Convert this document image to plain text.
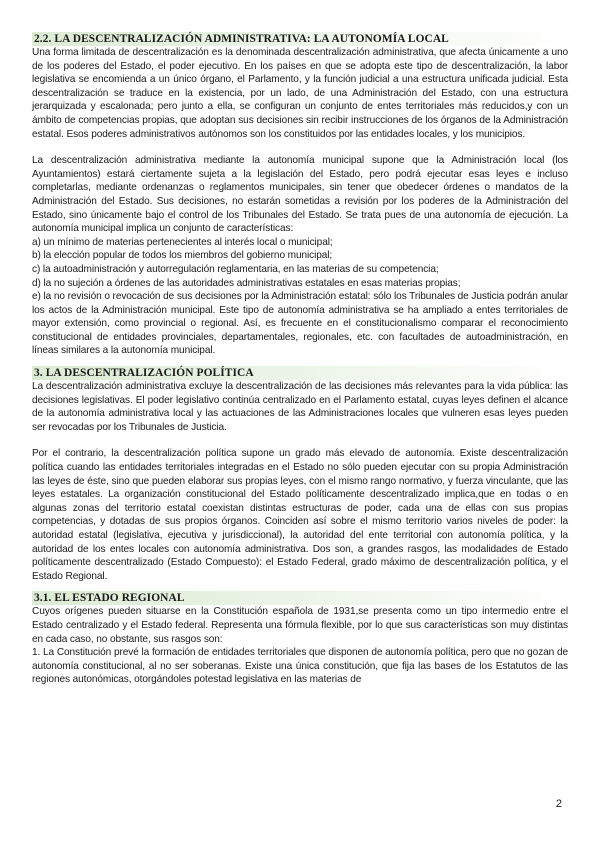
2.2. LA DESCENTRALIZACIÓN ADMINISTRATIVA: LA AUTONOMÍA LOCAL

Una forma limitada de descentralización es la denominada descentralización administrativa, que afecta únicamente a uno de los poderes del Estado, el poder ejecutivo. En los países en que se adopta este tipo de descentralización, la labor legislativa se encomienda a un único órgano, el Parlamento, y la función judicial a una estructura unificada judicial. Esta descentralización se traduce en la existencia, por un lado, de una Administración del Estado, con una estructura jerarquizada y escalonada; pero junto a ella, se configuran un conjunto de entes territoriales más reducidos,y con un ámbito de competencias propias, que adoptan sus decisiones sin recibir instrucciones de los órganos de la Administración estatal. Esos poderes administrativos autónomos son los constituidos por las entidades locales, y los municipios.

La descentralización administrativa mediante la autonomía municipal supone que la Administración local (los Ayuntamientos) estará ciertamente sujeta a la legislación del Estado, pero podrá ejecutar esas leyes e incluso completarlas, mediante ordenanzas o reglamentos municipales, sin tener que obedecer órdenes o mandatos de la Administración del Estado. Sus decisiones, no estarán sometidas a revisión por los poderes de la Administración del Estado, sino únicamente bajo el control de los Tribunales del Estado. Se trata pues de una autonomía de ejecución. La autonomía municipal implica un conjunto de características:

a) un mínimo de materias pertenecientes al interés local o municipal;

b) la elección popular de todos los miembros del gobierno municipal;

c) la autoadministración y autorregulación reglamentaria, en las materias de su competencia;

d) la no sujeción a órdenes de las autoridades administrativas estatales en esas materias propias;

e) la no revisión o revocación de sus decisiones por la Administración estatal: sólo los Tribunales de Justicia podrán anular los actos de la Administración municipal. Este tipo de autonomía administrativa se ha ampliado a entes territoriales de mayor extensión, como provincial o regional. Así, es frecuente en el constitucionalismo comparar el reconocimiento constitucional de entidades provinciales, departamentales, regionales, etc. con facultades de autoadministración, en líneas similares a la autonomía municipal.

3. LA DESCENTRALIZACIÓN POLÍTICA

La descentralización administrativa excluye la descentralización de las decisiones más relevantes para la vida pública: las decisiones legislativas. El poder legislativo continúa centralizado en el Parlamento estatal, cuyas leyes definen el alcance de la autonomía administrativa local y las actuaciones de las Administraciones locales que vulneren esas leyes pueden ser revocadas por los Tribunales de Justicia.

Por el contrario, la descentralización política supone un grado más elevado de autonomía. Existe descentralización política cuando las entidades territoriales integradas en el Estado no sólo pueden ejecutar con su propia Administración las leyes de éste, sino que pueden elaborar sus propias leyes, con el mismo rango normativo, y fuerza vinculante, que las leyes estatales. La organización constitucional del Estado políticamente descentralizado implica,que en todas o en algunas zonas del territorio estatal coexistan distintas estructuras de poder, cada una de ellas con sus propias competencias, y dotadas de sus propios órganos. Coinciden así sobre el mismo territorio varios niveles de poder: la autoridad estatal (legislativa, ejecutiva y jurisdiccional), la autoridad del ente territorial con autonomía política, y la autoridad de los entes locales con autonomía administrativa. Dos son, a grandes rasgos, las modalidades de Estado políticamente descentralizado (Estado Compuesto): el Estado Federal, grado máximo de descentralización política, y el Estado Regional.

3.1. EL ESTADO REGIONAL

Cuyos orígenes pueden situarse en la Constitución española de 1931,se presenta como un tipo intermedio entre el Estado centralizado y el Estado federal. Representa una fórmula flexible, por lo que sus características son muy distintas en cada caso, no obstante, sus rasgos son:

1. La Constitución prevé la formación de entidades territoriales que disponen de autonomía política, pero que no gozan de autonomía constitucional, al no ser soberanas. Existe una única constitución, que fija las bases de los Estatutos de las regiones autonómicas, otorgándoles potestad legislativa en las materias de

2
